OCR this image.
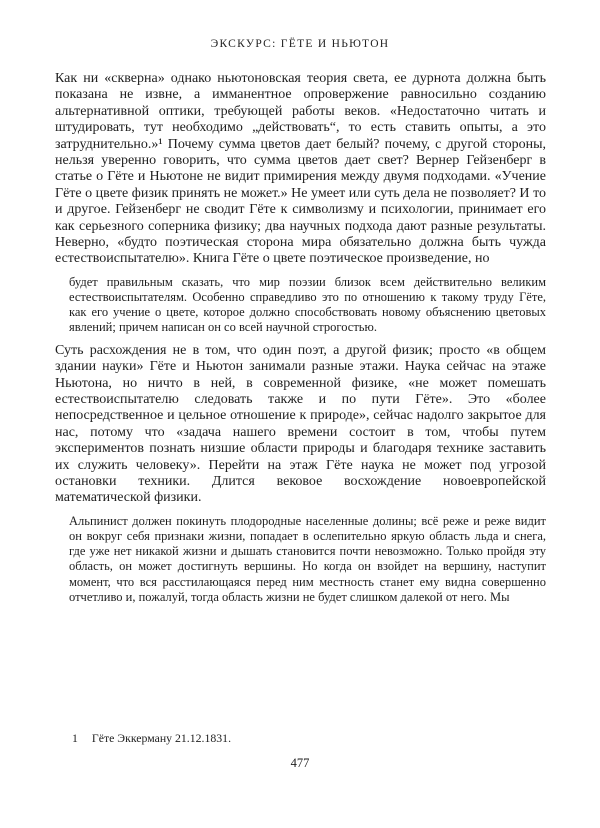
ЭКСКУРС: ГЁТЕ И НЬЮТОН

Как ни «скверна» однако ньютоновская теория света, ее дурнота должна быть показана не извне, а имманентное опровержение равносильно созданию альтернативной оптики, требующей работы веков. «Недостаточно читать и штудировать, тут необходимо „действовать“, то есть ставить опыты, а это затруднительно.»¹ Почему сумма цветов дает белый? почему, с другой стороны, нельзя уверенно говорить, что сумма цветов дает свет? Вернер Гейзенберг в статье о Гёте и Ньютоне не видит примирения между двумя подходами. «Учение Гёте о цвете физик принять не может.» Не умеет или суть дела не позволяет? И то и другое. Гейзенберг не сводит Гёте к символизму и психологии, принимает его как серьезного соперника физику; два научных подхода дают разные результаты. Неверно, «будто поэтическая сторона мира обязательно должна быть чужда естествоиспытателю». Книга Гёте о цвете поэтическое произведение, но

будет правильным сказать, что мир поэзии близок всем действительно великим естествоиспытателям. Особенно справедливо это по отношению к такому труду Гёте, как его учение о цвете, которое должно способствовать новому объяснению цветовых явлений; причем написан он со всей научной строгостью.

Суть расхождения не в том, что один поэт, а другой физик; просто «в общем здании науки» Гёте и Ньютон занимали разные этажи. Наука сейчас на этаже Ньютона, но ничто в ней, в современной физике, «не может помешать естествоиспытателю следовать также и по пути Гёте». Это «более непосредственное и цельное отношение к природе», сейчас надолго закрытое для нас, потому что «задача нашего времени состоит в том, чтобы путем экспериментов познать низшие области природы и благодаря технике заставить их служить человеку». Перейти на этаж Гёте наука не может под угрозой остановки техники. Длится вековое восхождение новоевропейской математической физики.

Альпинист должен покинуть плодородные населенные долины; всё реже и реже видит он вокруг себя признаки жизни, попадает в ослепительно яркую область льда и снега, где уже нет никакой жизни и дышать становится почти невозможно. Только пройдя эту область, он может достигнуть вершины. Но когда он взойдет на вершину, наступит момент, что вся расстилающаяся перед ним местность станет ему видна совершенно отчетливо и, пожалуй, тогда область жизни не будет слишком далекой от него. Мы
1 Гёте Эккерману 21.12.1831.
477
